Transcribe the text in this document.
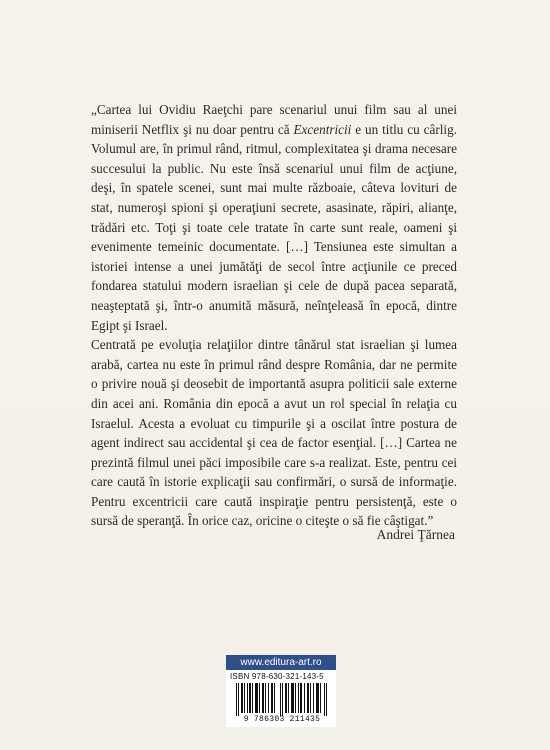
„Cartea lui Ovidiu Raeţchi pare scenariul unui film sau al unei miniserii Netflix şi nu doar pentru că Excentricii e un titlu cu cârlig. Volumul are, în primul rând, ritmul, complexitatea şi drama necesare succesului la public. Nu este însă scenariul unui film de acţiune, deşi, în spatele scenei, sunt mai multe războaie, câteva lovituri de stat, numeroşi spioni şi operaţiuni secrete, asasinate, răpiri, alianţe, trădări etc. Toţi şi toate cele tratate în carte sunt reale, oameni şi evenimente temeinic documentate. […] Tensiunea este simultan a istoriei intense a unei jumătăţi de secol între acţiunile ce preced fondarea statului modern israelian şi cele de după pacea separată, neaşteptată şi, într-o anumită măsură, neînţeleasă în epocă, dintre Egipt şi Israel.

Centrată pe evoluţia relaţiilor dintre tânărul stat israelian şi lumea arabă, cartea nu este în primul rând despre România, dar ne permite o privire nouă şi deosebit de importantă asupra politicii sale externe din acei ani. România din epocă a avut un rol special în relaţia cu Israelul. Acesta a evoluat cu timpurile şi a oscilat între postura de agent indirect sau accidental şi cea de factor esenţial. […] Cartea ne prezintă filmul unei păci imposibile care s-a realizat. Este, pentru cei care caută în istorie explicaţii sau confirmări, o sursă de informaţie. Pentru excentricii care caută inspiraţie pentru persistenţă, este o sursă de speranţă. În orice caz, oricine o citeşte o să fie câştigat.”

Andrei Ţărnea
www.editura-art.ro
ISBN 978-630-321-143-5
9 786303 211435
